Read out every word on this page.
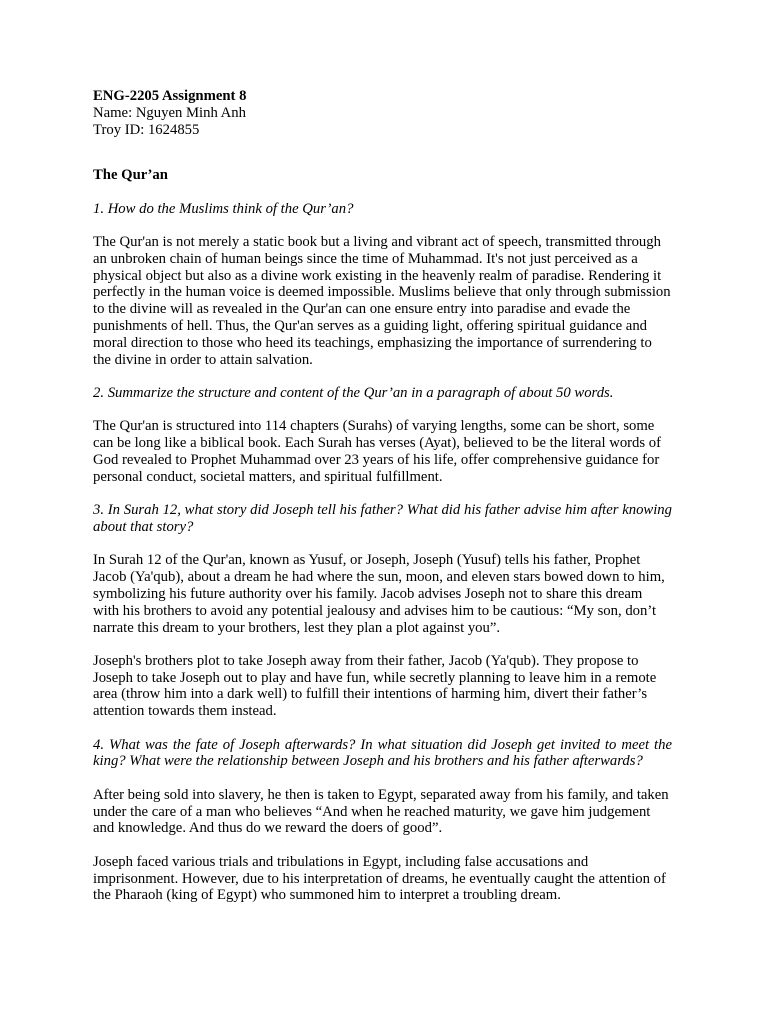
ENG-2205 Assignment 8

Name: Nguyen Minh Anh

Troy ID: 1624855

The Qur’an

1. How do the Muslims think of the Qur’an?

The Qur'an is not merely a static book but a living and vibrant act of speech, transmitted through an unbroken chain of human beings since the time of Muhammad. It's not just perceived as a physical object but also as a divine work existing in the heavenly realm of paradise. Rendering it perfectly in the human voice is deemed impossible. Muslims believe that only through submission to the divine will as revealed in the Qur'an can one ensure entry into paradise and evade the punishments of hell. Thus, the Qur'an serves as a guiding light, offering spiritual guidance and moral direction to those who heed its teachings, emphasizing the importance of surrendering to the divine in order to attain salvation.

2. Summarize the structure and content of the Qur’an in a paragraph of about 50 words.

The Qur'an is structured into 114 chapters (Surahs) of varying lengths, some can be short, some can be long like a biblical book. Each Surah has verses (Ayat), believed to be the literal words of God revealed to Prophet Muhammad over 23 years of his life, offer comprehensive guidance for personal conduct, societal matters, and spiritual fulfillment.

3. In Surah 12, what story did Joseph tell his father? What did his father advise him after knowing about that story?

In Surah 12 of the Qur'an, known as Yusuf, or Joseph, Joseph (Yusuf) tells his father, Prophet Jacob (Ya'qub), about a dream he had where the sun, moon, and eleven stars bowed down to him, symbolizing his future authority over his family. Jacob advises Joseph not to share this dream with his brothers to avoid any potential jealousy and advises him to be cautious: “My son, don’t narrate this dream to your brothers, lest they plan a plot against you”.

Joseph's brothers plot to take Joseph away from their father, Jacob (Ya'qub). They propose to Joseph to take Joseph out to play and have fun, while secretly planning to leave him in a remote area (throw him into a dark well) to fulfill their intentions of harming him, divert their father’s attention towards them instead.

4. What was the fate of Joseph afterwards? In what situation did Joseph get invited to meet the king? What were the relationship between Joseph and his brothers and his father afterwards?

After being sold into slavery, he then is taken to Egypt, separated away from his family, and taken under the care of a man who believes “And when he reached maturity, we gave him judgement and knowledge. And thus do we reward the doers of good”.

Joseph faced various trials and tribulations in Egypt, including false accusations and imprisonment. However, due to his interpretation of dreams, he eventually caught the attention of the Pharaoh (king of Egypt) who summoned him to interpret a troubling dream.
